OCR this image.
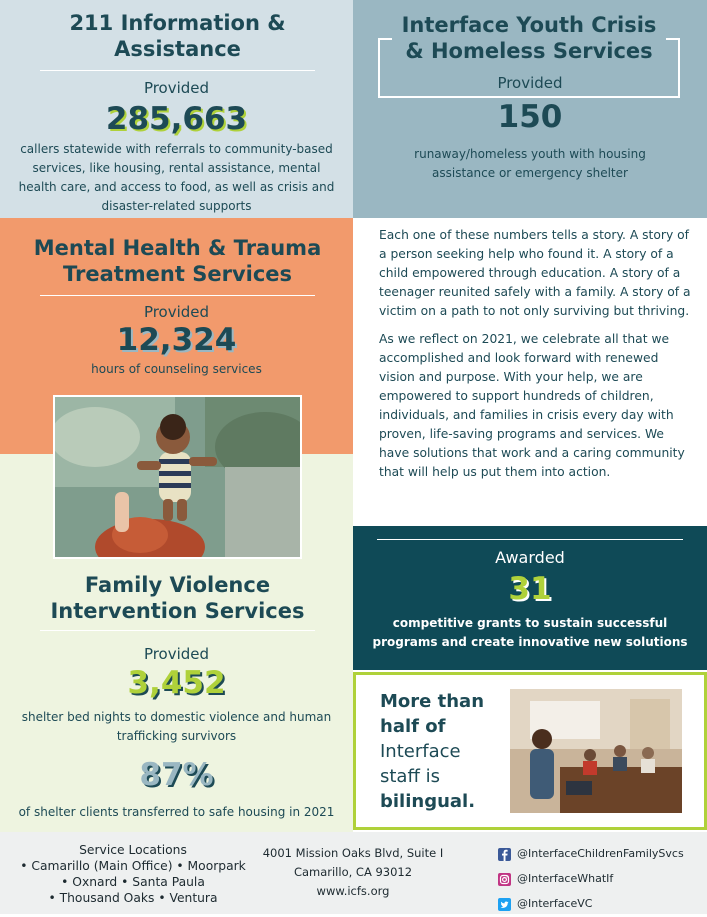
211 Information & Assistance
Provided
285,663
callers statewide with referrals to community-based services, like housing, rental assistance, mental health care, and access to food, as well as crisis and disaster-related supports
Interface Youth Crisis & Homeless Services
Provided
150
runaway/homeless youth with housing assistance or emergency shelter
Mental Health & Trauma Treatment Services
Provided
12,324
hours of counseling services
Family Violence Intervention Services
Provided
3,452
shelter bed nights to domestic violence and human trafficking survivors
87%
of shelter clients transferred to safe housing in 2021

Each one of these numbers tells a story. A story of a person seeking help who found it. A story of a child empowered through education. A story of a teenager reunited safely with a family. A story of a victim on a path to not only surviving but thriving.

As we reflect on 2021, we celebrate all that we accomplished and look forward with renewed vision and purpose. With your help, we are empowered to support hundreds of children, individuals, and families in crisis every day with proven, life-saving programs and services. We have solutions that work and a caring community that will help us put them into action.

Awarded
31
competitive grants to sustain successful programs and create innovative new solutions
More than
half of
Interface
staff is
bilingual.
Service Locations
• Camarillo (Main Office) • Moorpark
• Oxnard • Santa Paula
• Thousand Oaks • Ventura
4001 Mission Oaks Blvd, Suite I
Camarillo, CA 93012
www.icfs.org
@InterfaceChildrenFamilySvcs
@InterfaceWhatIf
@InterfaceVC
